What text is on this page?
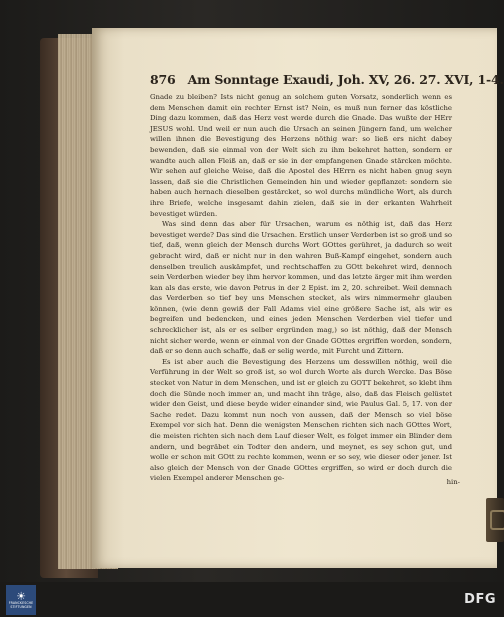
876 Am Sonntage Exaudi, Joh. XV, 26. 27. XVI, 1-4.

Gnade zu bleiben? Ists nicht genug an solchem guten Vorsatz, sonderlich wenn es dem Menschen damit ein rechter Ernst ist? Nein, es muß nun ferner das köstliche Ding dazu kommen, daß das Herz vest werde durch die Gnade. Das wußte der HErr JESUS wohl. Und weil er nun auch die Ursach an seinen Jüngern fand, um welcher willen ihnen die Bevestigung des Herzens nöthig war: so ließ ers nicht dabey bewenden, daß sie einmal von der Welt sich zu ihm bekehret hatten, sondern er wandte auch allen Fleiß an, daß er sie in der empfangenen Gnade stärcken möchte. Wir sehen auf gleiche Weise, daß die Apostel des HErrn es nicht haben gnug seyn lassen, daß sie die Christlichen Gemeinden hin und wieder gepflanzet: sondern sie haben auch hernach dieselben gestärcket, so wol durchs mündliche Wort, als durch ihre Briefe, welche insgesamt dahin zielen, daß sie in der erkanten Wahrheit bevestiget würden.

Was sind denn das aber für Ursachen, warum es nöthig ist, daß das Herz bevestiget werde? Das sind die Ursachen. Erstlich unser Verderben ist so groß und so tief, daß, wenn gleich der Mensch durchs Wort GOttes gerühret, ja dadurch so weit gebracht wird, daß er nicht nur in den wahren Buß-Kampf eingehet, sondern auch denselben treulich auskämpfet, und rechtschaffen zu GOtt bekehret wird, dennoch sein Verderben wieder bey ihm hervor kommen, und das letzte ärger mit ihm werden kan als das erste, wie davon Petrus in der 2 Epist. im 2, 20. schreibet. Weil demnach das Verderben so tief bey uns Menschen stecket, als wirs nimmermehr glauben können, (wie denn gewiß der Fall Adams viel eine größere Sache ist, als wir es begreifen und bedencken, und eines jeden Menschen Verderben viel tiefer und schrecklicher ist, als er es selber ergründen mag,) so ist nöthig, daß der Mensch nicht sicher werde, wenn er einmal von der Gnade GOttes ergriffen worden, sondern, daß er so denn auch schaffe, daß er selig werde, mit Furcht und Zittern.

Es ist aber auch die Bevestigung des Herzens um desswillen nöthig, weil die Verführung in der Welt so groß ist, so wol durch Worte als durch Wercke. Das Böse stecket von Natur in dem Menschen, und ist er gleich zu GOTT bekehret, so klebt ihm doch die Sünde noch immer an, und macht ihn träge, also, daß das Fleisch gelüstet wider den Geist, und diese beyde wider einander sind, wie Paulus Gal. 5, 17. von der Sache redet. Dazu kommt nun noch von aussen, daß der Mensch so viel böse Exempel vor sich hat. Denn die wenigsten Menschen richten sich nach GOttes Wort, die meisten richten sich nach dem Lauf dieser Welt, es folget immer ein Blinder dem andern, und begräbet ein Todter den andern, und meynet, es sey schon gut, und wolle er schon mit GOtt zu rechte kommen, wenn er so sey, wie dieser oder jener. Ist also gleich der Mensch von der Gnade GOttes ergriffen, so wird er doch durch die vielen Exempel anderer Menschen ge-	hin-
☀
FRANCKESCHE STIFTUNGEN	DFG
